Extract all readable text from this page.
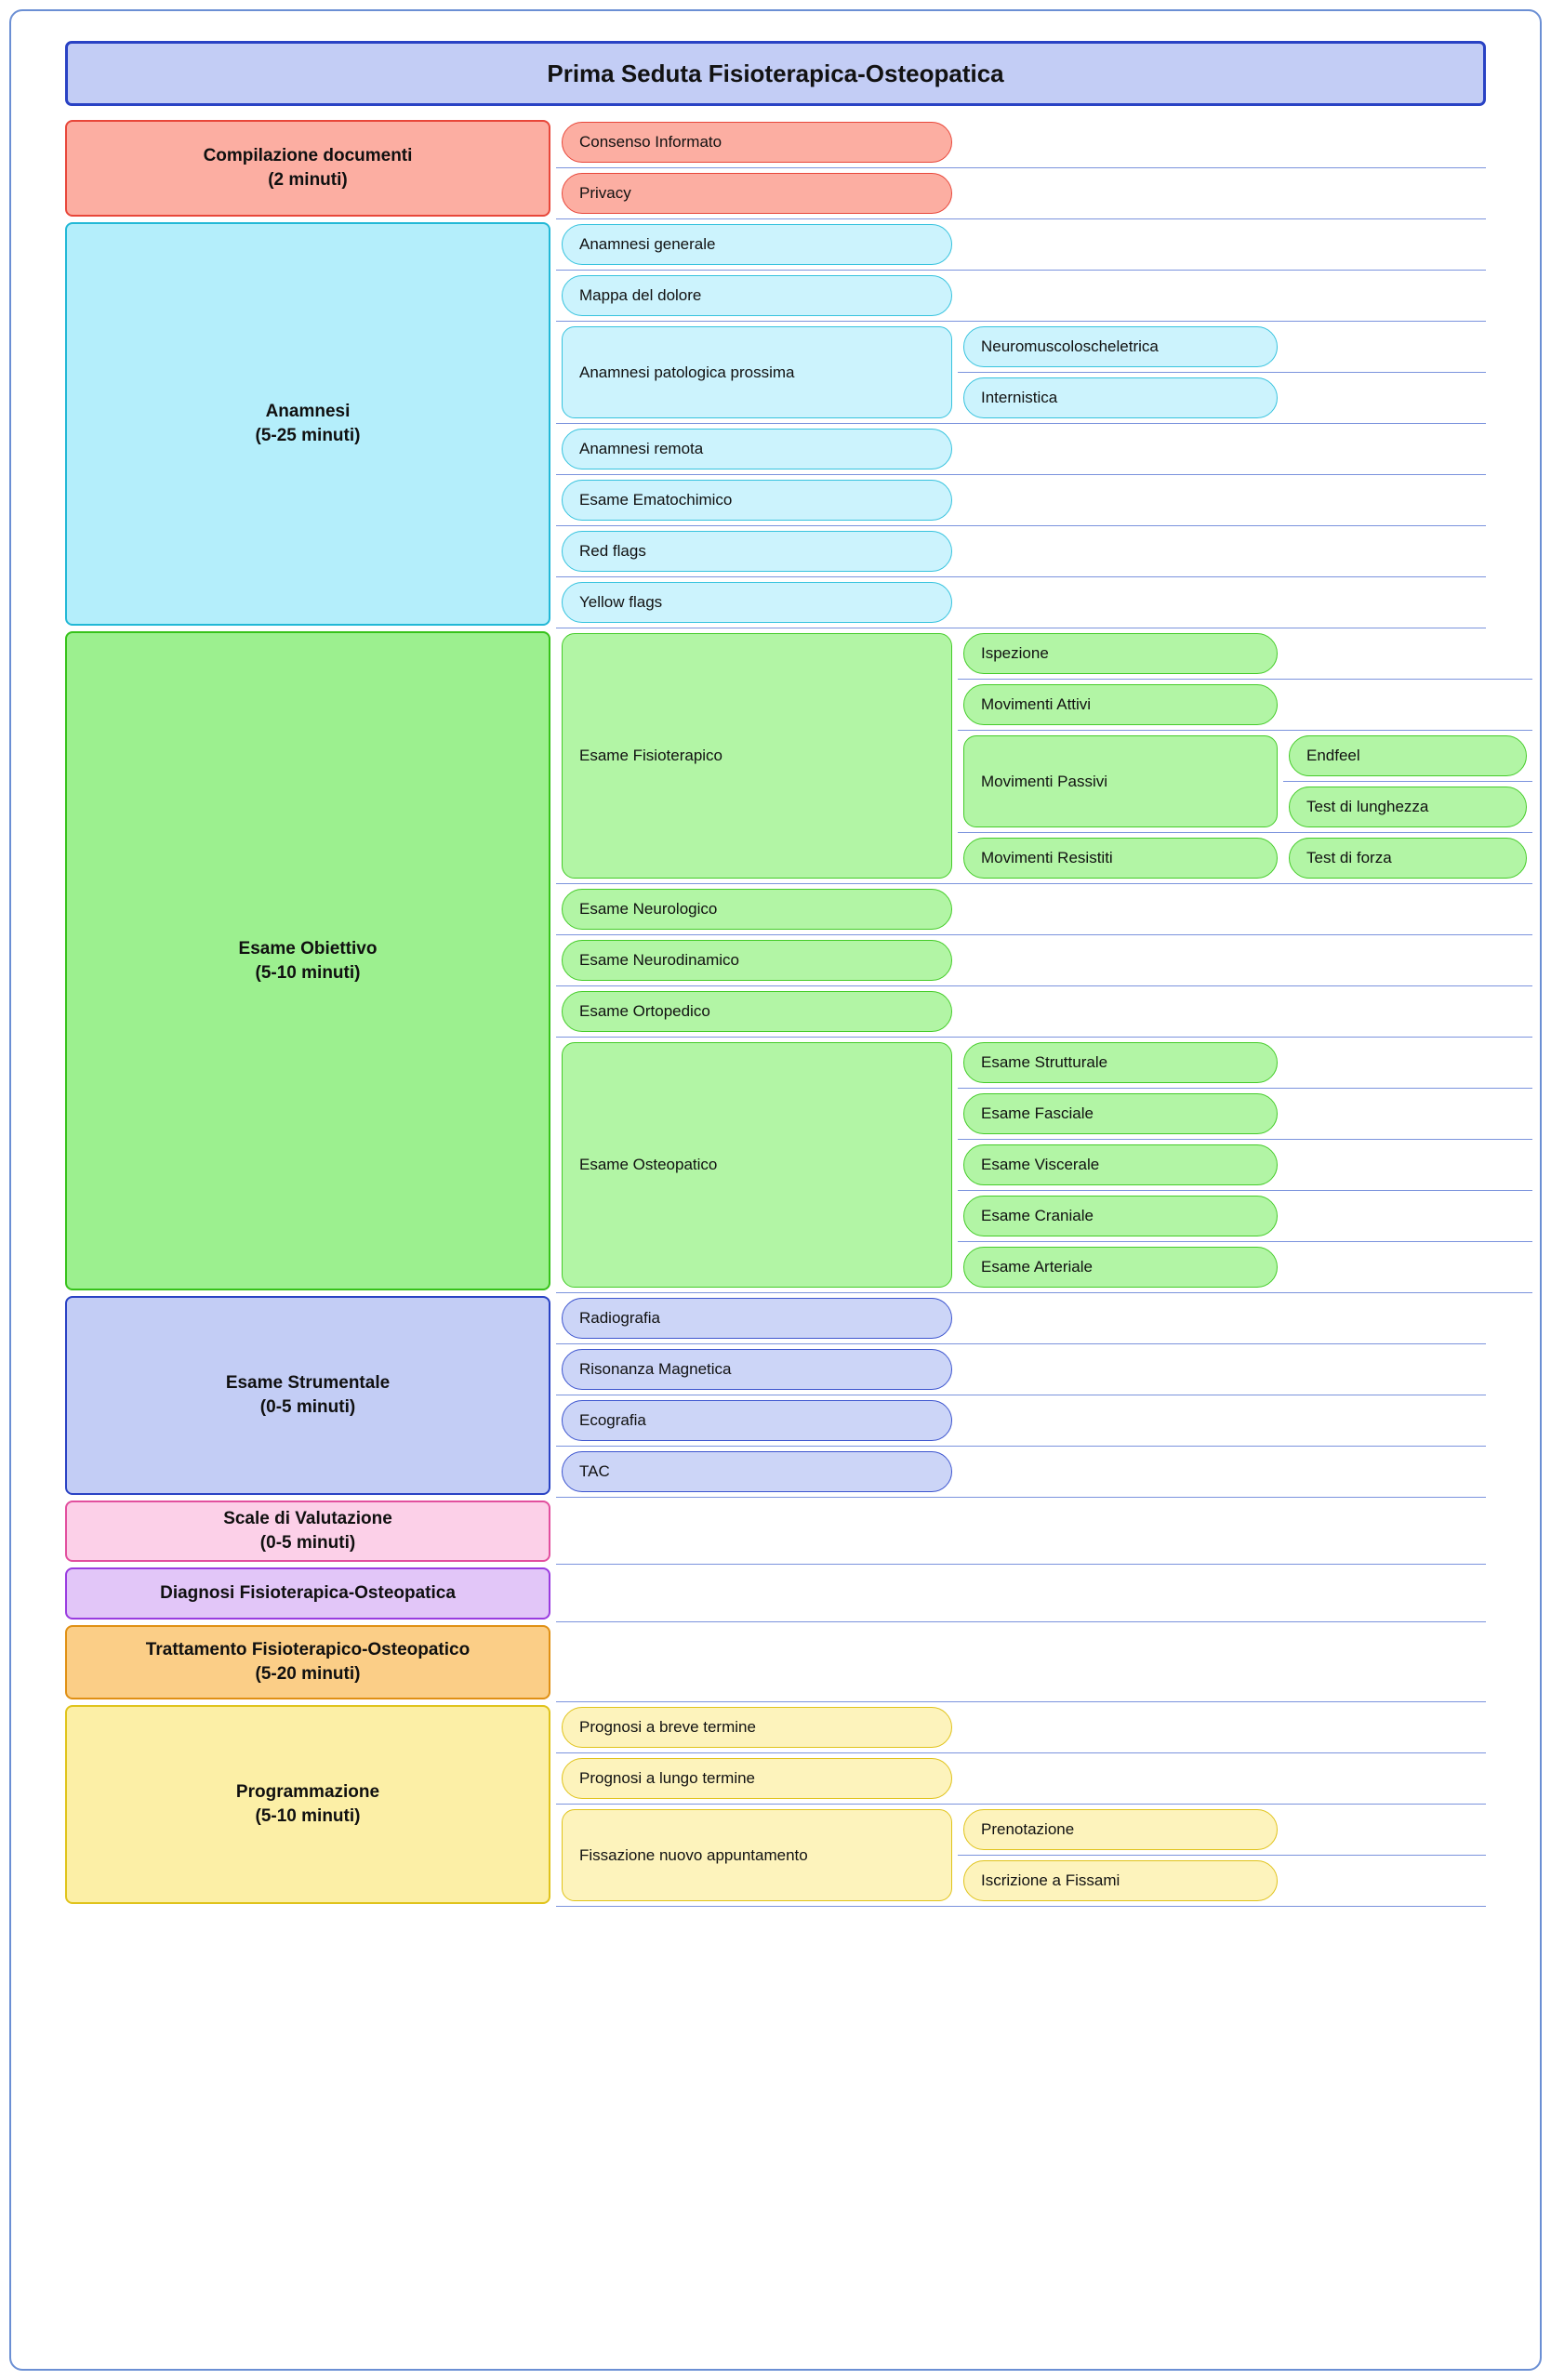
Prima Seduta Fisioterapica-Osteopatica
Compilazione documenti
(2 minuti)
Consenso Informato
Privacy
Anamnesi
(5-25 minuti)
Anamnesi generale
Mappa del dolore
Anamnesi patologica prossima
Neuromuscoloscheletrica
Internistica
Anamnesi remota
Esame Ematochimico
Red flags
Yellow flags
Esame Obiettivo
(5-10 minuti)
Esame Fisioterapico
Ispezione
Movimenti Attivi
Movimenti Passivi
Endfeel
Test di lunghezza
Movimenti Resistiti	Test di forza
Esame Neurologico
Esame Neurodinamico
Esame Ortopedico
Esame Osteopatico
Esame Strutturale
Esame Fasciale
Esame Viscerale
Esame Craniale
Esame Arteriale
Esame Strumentale
(0-5 minuti)
Radiografia
Risonanza Magnetica
Ecografia
TAC
Scale di Valutazione
(0-5 minuti)
Diagnosi Fisioterapica-Osteopatica
Trattamento Fisioterapico-Osteopatico
(5-20 minuti)
Programmazione
(5-10 minuti)
Prognosi a breve termine
Prognosi a lungo termine
Fissazione nuovo appuntamento
Prenotazione
Iscrizione a Fissami
